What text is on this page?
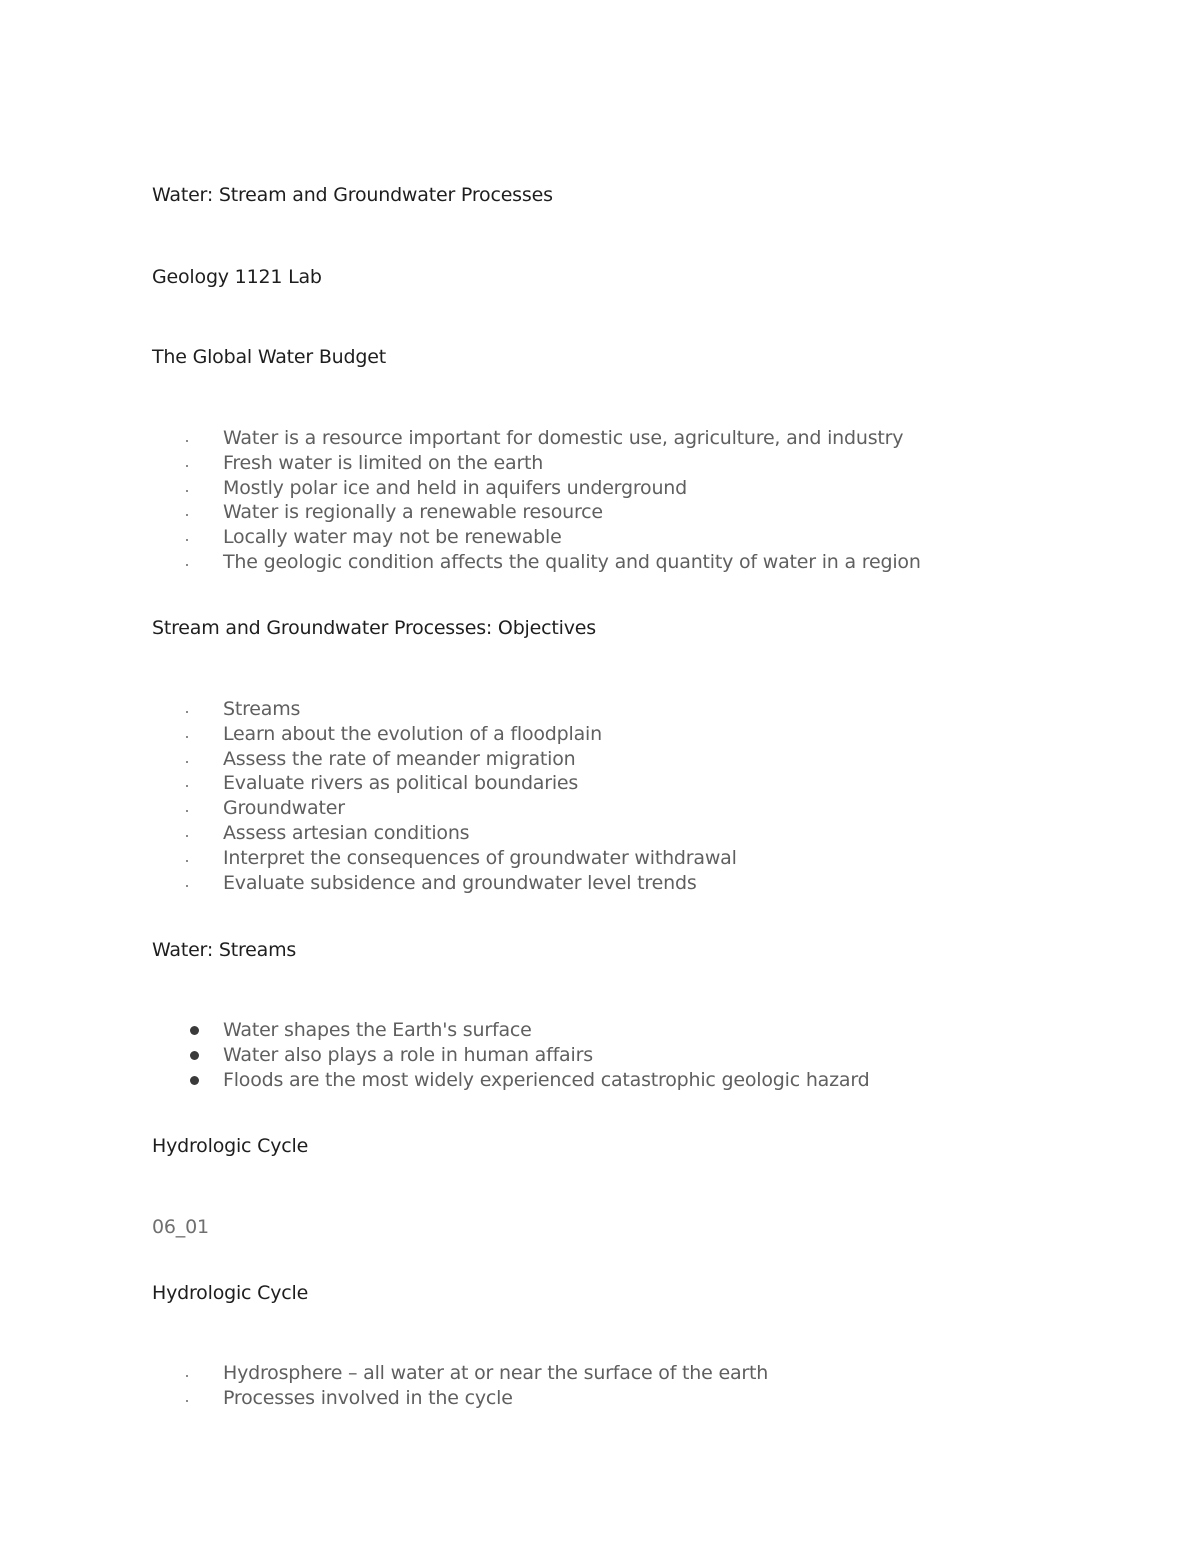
Water: Stream and Groundwater Processes
Geology 1121 Lab
The Global Water Budget
Water is a resource important for domestic use, agriculture, and industry
Fresh water is limited on the earth
Mostly polar ice and held in aquifers underground
Water is regionally a renewable resource
Locally water may not be renewable
The geologic condition affects the quality and quantity of water in a region
Stream and Groundwater Processes: Objectives
Streams
Learn about the evolution of a floodplain
Assess the rate of meander migration
Evaluate rivers as political boundaries
Groundwater
Assess artesian conditions
Interpret the consequences of groundwater withdrawal
Evaluate subsidence and groundwater level trends
Water: Streams
Water shapes the Earth's surface
Water also plays a role in human affairs
Floods are the most widely experienced catastrophic geologic hazard
Hydrologic Cycle
06_01
Hydrologic Cycle
Hydrosphere – all water at or near the surface of the earth
Processes involved in the cycle
